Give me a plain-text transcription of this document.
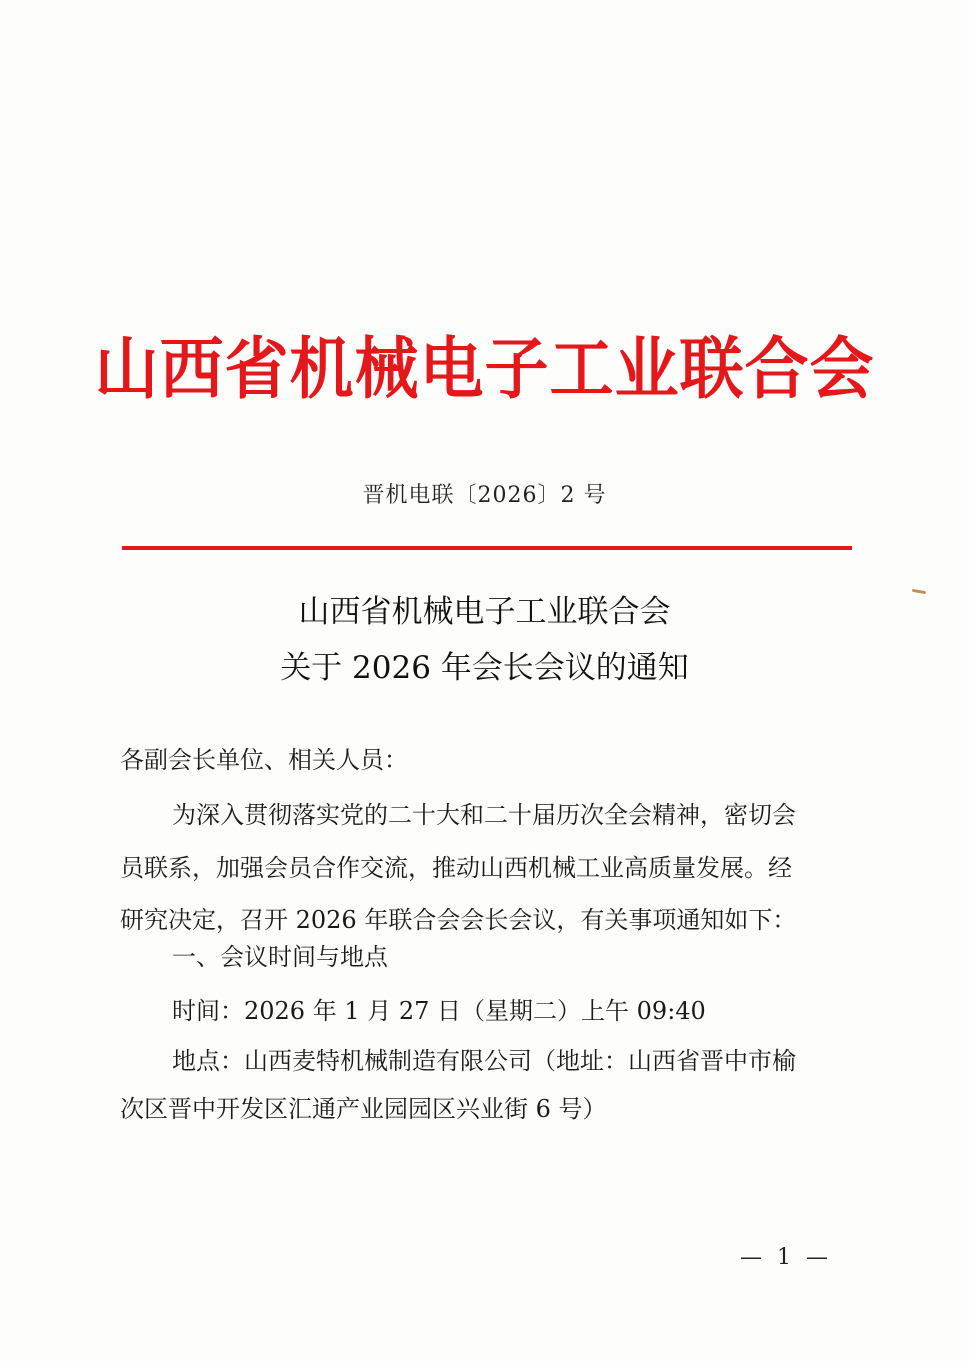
山西省机械电子工业联合会
晋机电联〔2026〕2 号
山西省机械电子工业联合会
关于 2026 年会长会议的通知
各副会长单位、相关人员：
为深入贯彻落实党的二十大和二十届历次全会精神，密切会
员联系，加强会员合作交流，推动山西机械工业高质量发展。经
研究决定，召开 2026 年联合会会长会议，有关事项通知如下：
一、会议时间与地点
时间：2026 年 1 月 27 日（星期二）上午 09:40
地点：山西麦特机械制造有限公司（地址：山西省晋中市榆
次区晋中开发区汇通产业园园区兴业街 6 号）
— 1 —
